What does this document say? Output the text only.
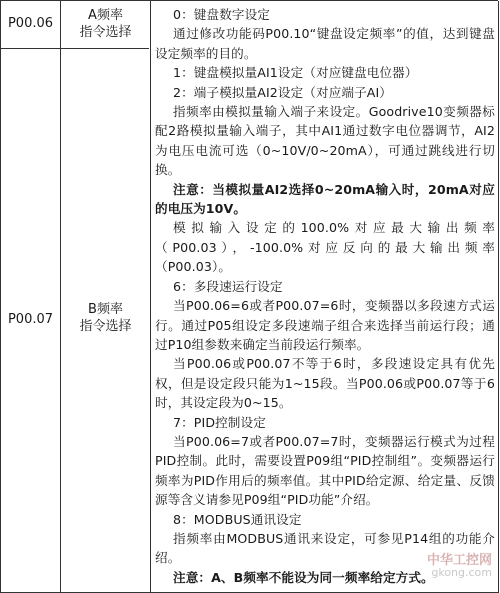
P00.06
A频率
指令选择
P00.07
B频率
指令选择

0：键盘数字设定

通过修改功能码P00.10“键盘设定频率”的值，达到键盘设定频率的目的。

1：键盘模拟量AI1设定（对应键盘电位器）

2：端子模拟量AI2设定（对应端子AI）

指频率由模拟量输入端子来设定。Goodrive10变频器标配2路模拟量输入端子，其中AI1通过数字电位器调节，AI2为电压电流可选（0~10V/0~20mA），可通过跳线进行切换。

注意：当模拟量AI2选择0~20mA输入时，20mA对应的电压为10V。

模拟输入设定的100.0%对应最大输出频率（P00.03），-100.0%对应反向的最大输出频率（P00.03）。

6：多段速运行设定

当P00.06=6或者P00.07=6时，变频器以多段速方式运行。通过P05组设定多段速端子组合来选择当前运行段；通过P10组参数来确定当前段运行频率。

当P00.06或P00.07不等于6时，多段速设定具有优先权，但是设定段只能为1~15段。当P00.06或P00.07等于6时，其设定段为0~15。

7：PID控制设定

当P00.06=7或者P00.07=7时，变频器运行模式为过程PID控制。此时，需要设置P09组“PID控制组”。变频器运行频率为PID作用后的频率值。其中PID给定源、给定量、反馈源等含义请参见P09组“PID功能”介绍。

8：MODBUS通讯设定

指频率由MODBUS通讯来设定，可参见P14组的功能介绍。

注意：A、B频率不能设为同一频率给定方式。

中华工控网
gkong.com
